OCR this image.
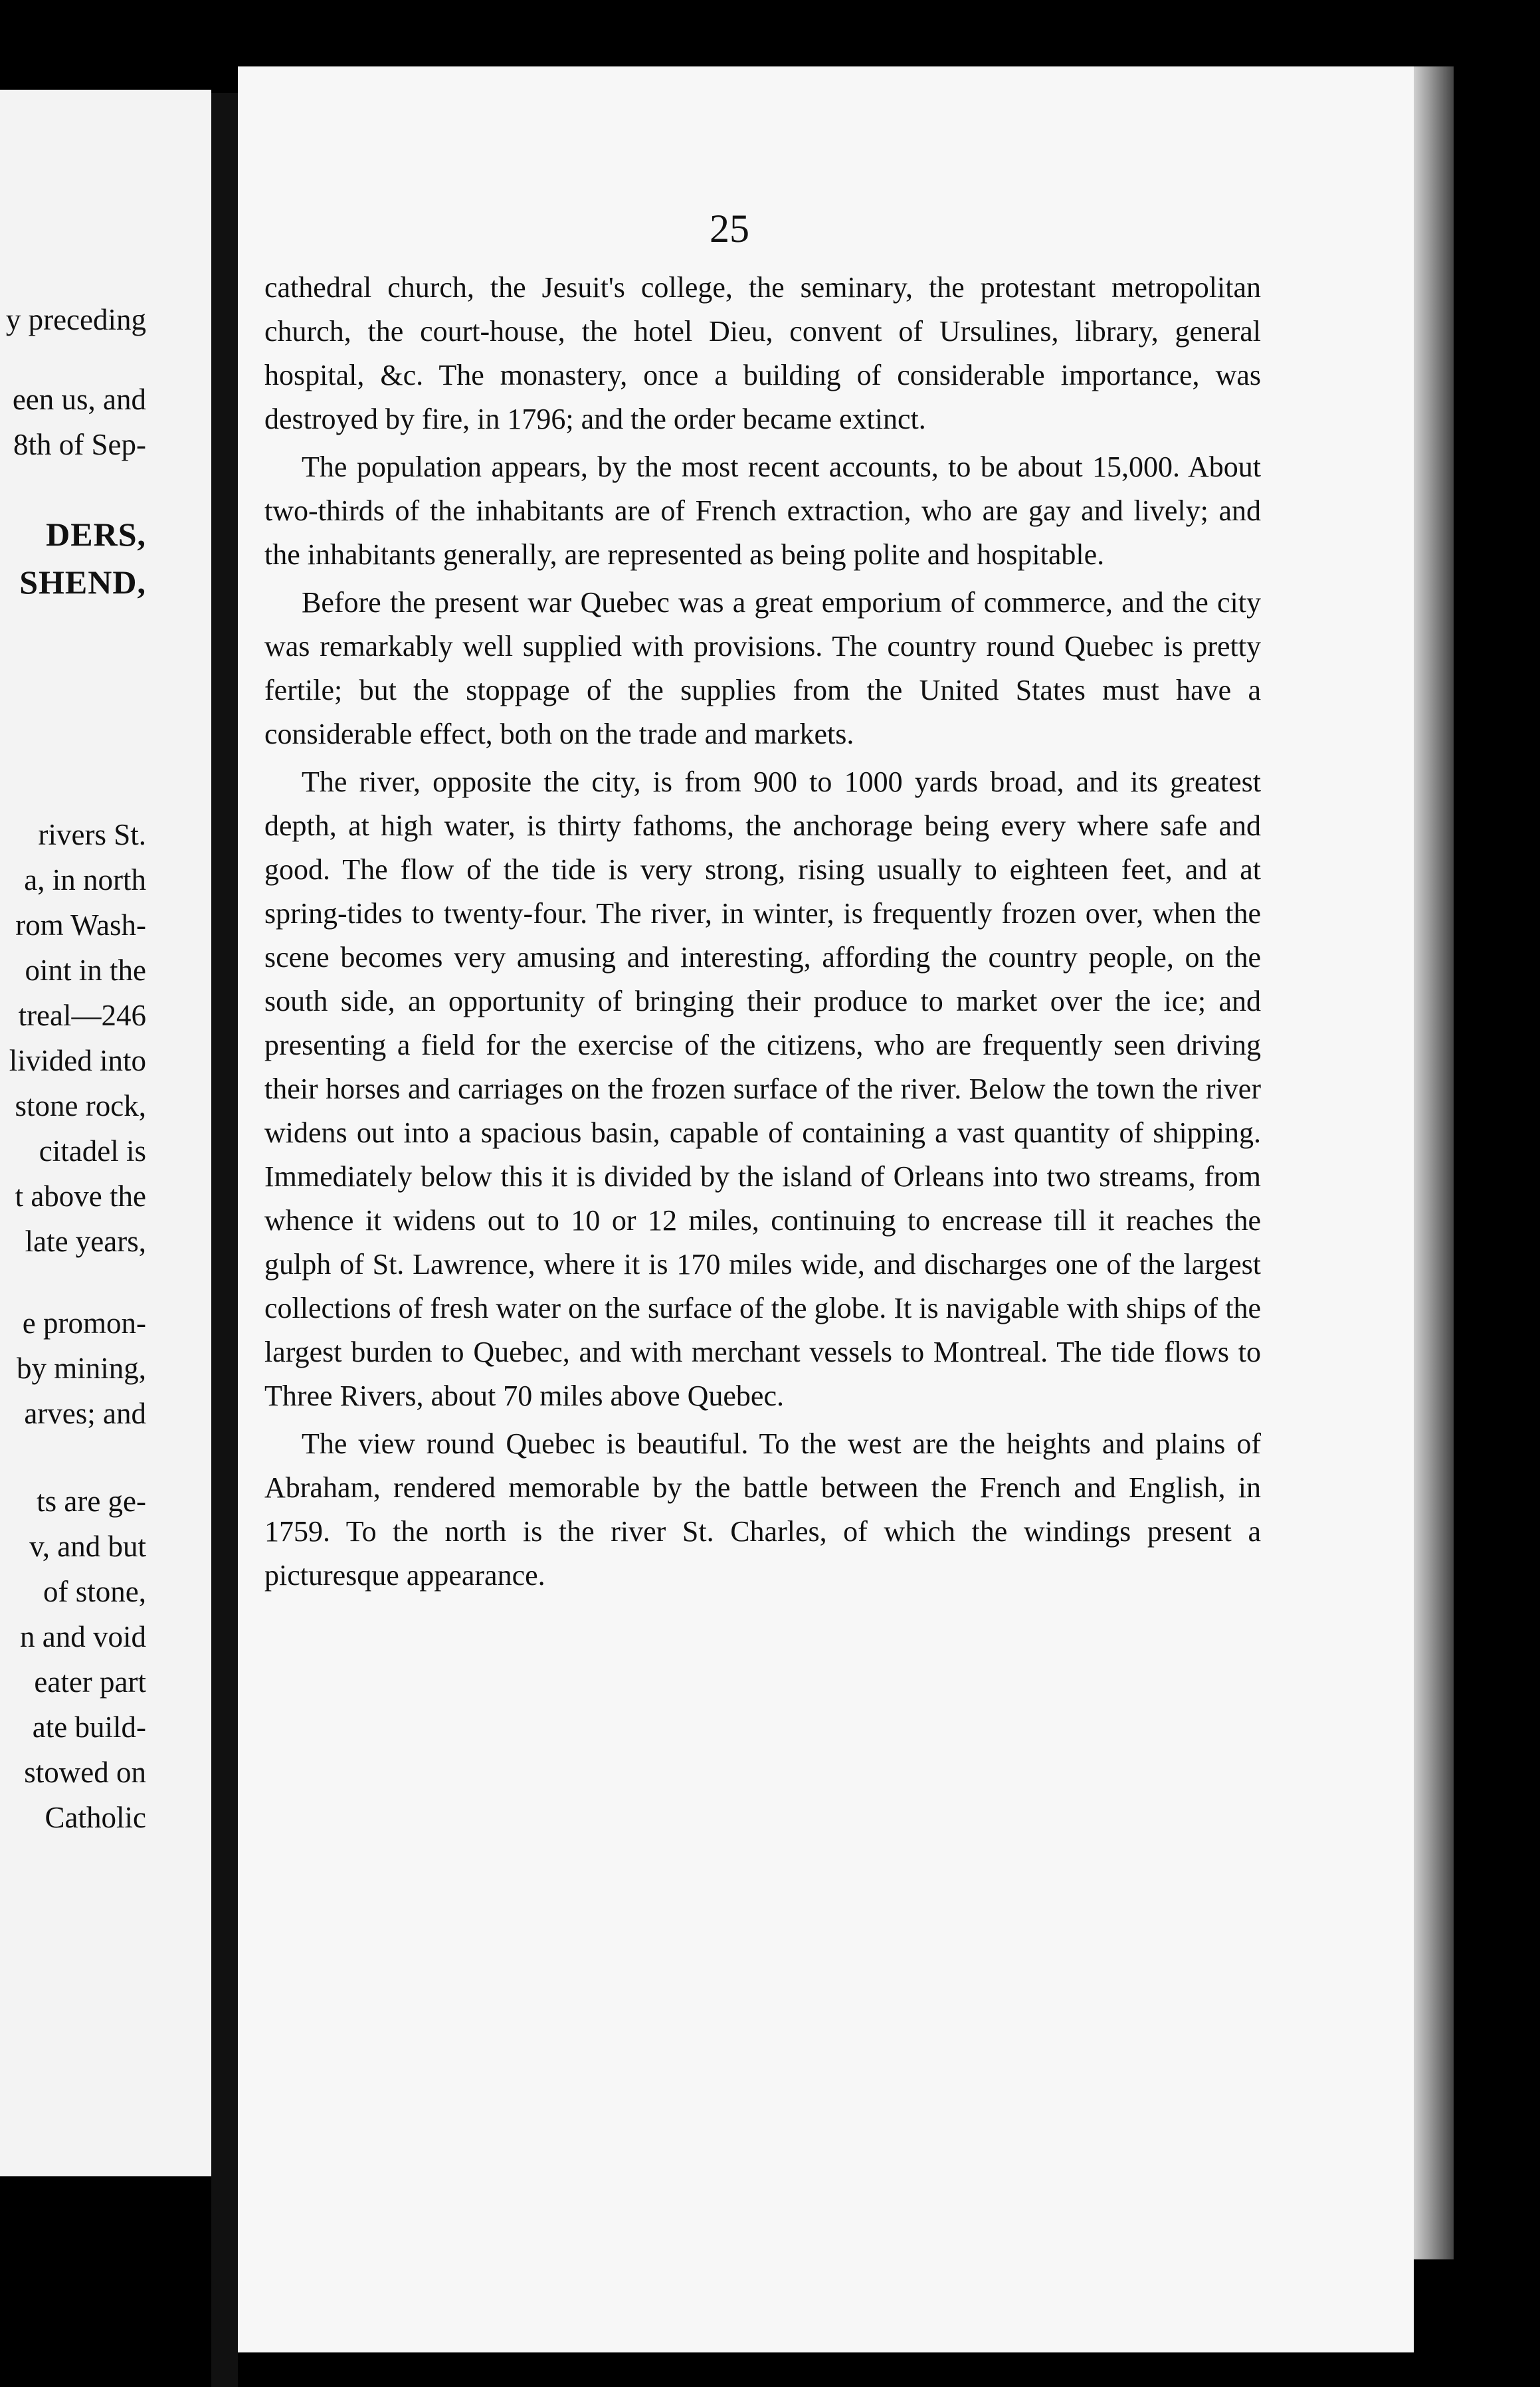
y preceding
een us, and
8th of Sep-
DERS,
SHEND,
rivers St.
a, in north
rom Wash-
oint in the
treal—246
livided into
stone rock,
citadel is
t above the
late years,
e promon-
by mining,
arves; and
ts are ge-
v, and but
of stone,
n and void
eater part
ate build-
stowed on
Catholic
25

cathedral church, the Jesuit's college, the seminary, the protestant metropolitan church, the court-house, the hotel Dieu, convent of Ursulines, library, general hospital, &c. The monastery, once a building of considerable importance, was destroyed by fire, in 1796; and the order became extinct.

The population appears, by the most recent accounts, to be about 15,000. About two-thirds of the inhabitants are of French extraction, who are gay and lively; and the inhabitants generally, are represented as being polite and hospitable.

Before the present war Quebec was a great emporium of commerce, and the city was remarkably well supplied with provisions. The country round Quebec is pretty fertile; but the stoppage of the supplies from the United States must have a considerable effect, both on the trade and markets.

The river, opposite the city, is from 900 to 1000 yards broad, and its greatest depth, at high water, is thirty fathoms, the anchorage being every where safe and good. The flow of the tide is very strong, rising usually to eighteen feet, and at spring-tides to twenty-four. The river, in winter, is frequently frozen over, when the scene becomes very amusing and interesting, affording the country people, on the south side, an opportunity of bringing their produce to market over the ice; and presenting a field for the exercise of the citizens, who are frequently seen driving their horses and carriages on the frozen surface of the river. Below the town the river widens out into a spacious basin, capable of containing a vast quantity of shipping. Immediately below this it is divided by the island of Orleans into two streams, from whence it widens out to 10 or 12 miles, continuing to encrease till it reaches the gulph of St. Lawrence, where it is 170 miles wide, and discharges one of the largest collections of fresh water on the surface of the globe. It is navigable with ships of the largest burden to Quebec, and with merchant vessels to Montreal. The tide flows to Three Rivers, about 70 miles above Quebec.

The view round Quebec is beautiful. To the west are the heights and plains of Abraham, rendered memorable by the battle between the French and English, in 1759. To the north is the river St. Charles, of which the windings present a picturesque appearance.
